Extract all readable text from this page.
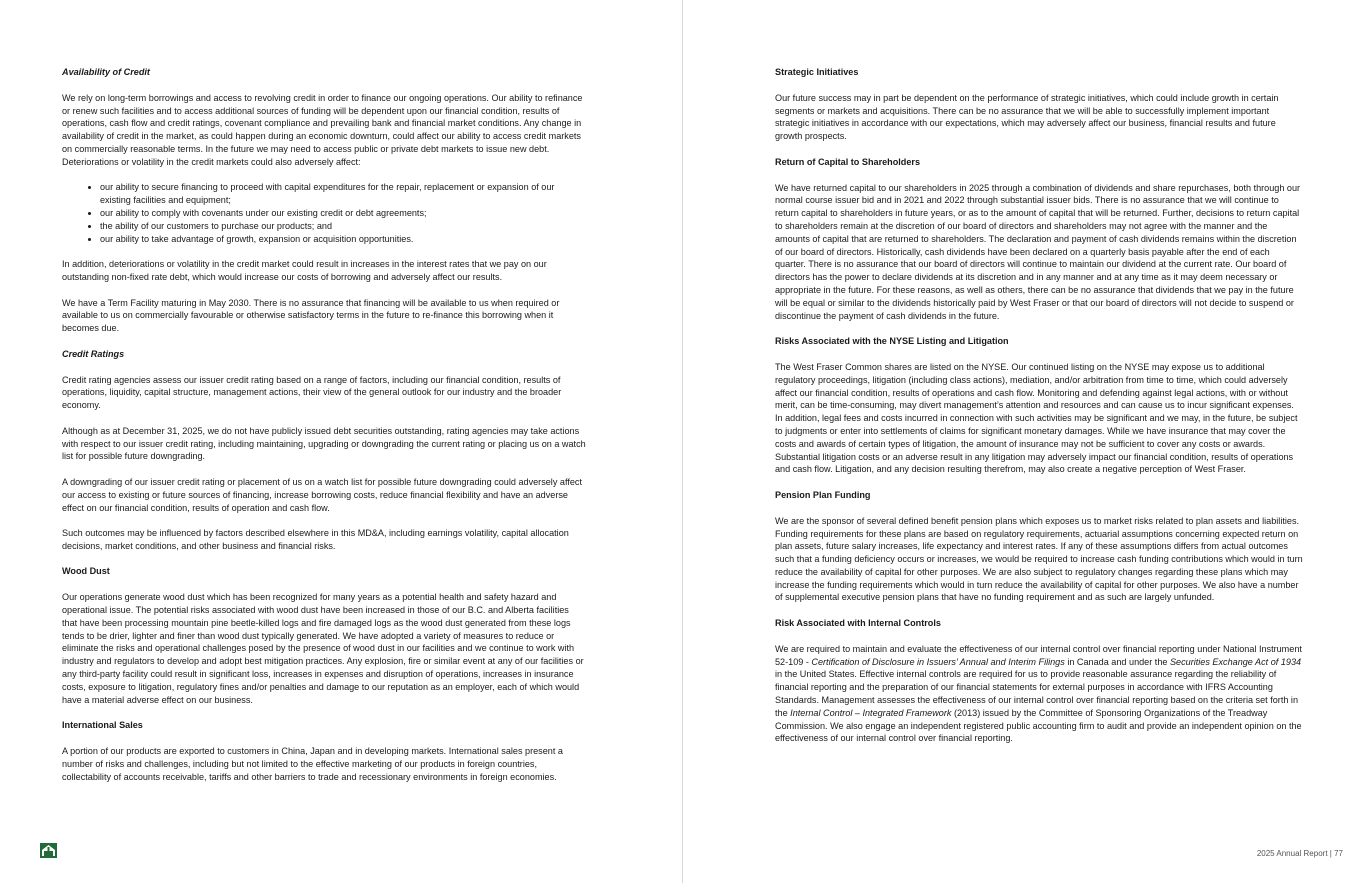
Availability of Credit

We rely on long-term borrowings and access to revolving credit in order to finance our ongoing operations. Our ability to refinance or renew such facilities and to access additional sources of funding will be dependent upon our financial condition, results of operations, cash flow and credit ratings, covenant compliance and prevailing bank and financial market conditions. Any change in availability of credit in the market, as could happen during an economic downturn, could affect our ability to access credit markets on commercially reasonable terms. In the future we may need to access public or private debt markets to issue new debt. Deteriorations or volatility in the credit markets could also adversely affect:

• our ability to secure financing to proceed with capital expenditures for the repair, replacement or expansion of our existing facilities and equipment;
• our ability to comply with covenants under our existing credit or debt agreements;
• the ability of our customers to purchase our products; and
• our ability to take advantage of growth, expansion or acquisition opportunities.

In addition, deteriorations or volatility in the credit market could result in increases in the interest rates that we pay on our outstanding non-fixed rate debt, which would increase our costs of borrowing and adversely affect our results.

We have a Term Facility maturing in May 2030. There is no assurance that financing will be available to us when required or available to us on commercially favourable or otherwise satisfactory terms in the future to re-finance this borrowing when it becomes due.

Credit Ratings

Credit rating agencies assess our issuer credit rating based on a range of factors, including our financial condition, results of operations, liquidity, capital structure, management actions, their view of the general outlook for our industry and the broader economy.

Although as at December 31, 2025, we do not have publicly issued debt securities outstanding, rating agencies may take actions with respect to our issuer credit rating, including maintaining, upgrading or downgrading the current rating or placing us on a watch list for possible future downgrading.

A downgrading of our issuer credit rating or placement of us on a watch list for possible future downgrading could adversely affect our access to existing or future sources of financing, increase borrowing costs, reduce financial flexibility and have an adverse effect on our financial condition, results of operation and cash flow.

Such outcomes may be influenced by factors described elsewhere in this MD&A, including earnings volatility, capital allocation decisions, market conditions, and other business and financial risks.

Wood Dust

Our operations generate wood dust which has been recognized for many years as a potential health and safety hazard and operational issue. The potential risks associated with wood dust have been increased in those of our B.C. and Alberta facilities that have been processing mountain pine beetle-killed logs and fire damaged logs as the wood dust generated from these logs tends to be drier, lighter and finer than wood dust typically generated. We have adopted a variety of measures to reduce or eliminate the risks and operational challenges posed by the presence of wood dust in our facilities and we continue to work with industry and regulators to develop and adopt best mitigation practices. Any explosion, fire or similar event at any of our facilities or any third-party facility could result in significant loss, increases in expenses and disruption of operations, increases in insurance costs, exposure to litigation, regulatory fines and/or penalties and damage to our reputation as an employer, each of which would have a material adverse effect on our business.

International Sales

A portion of our products are exported to customers in China, Japan and in developing markets. International sales present a number of risks and challenges, including but not limited to the effective marketing of our products in foreign countries, collectability of accounts receivable, tariffs and other barriers to trade and recessionary environments in foreign economies.

Strategic Initiatives

Our future success may in part be dependent on the performance of strategic initiatives, which could include growth in certain segments or markets and acquisitions. There can be no assurance that we will be able to successfully implement important strategic initiatives in accordance with our expectations, which may adversely affect our business, financial results and future growth prospects.

Return of Capital to Shareholders

We have returned capital to our shareholders in 2025 through a combination of dividends and share repurchases, both through our normal course issuer bid and in 2021 and 2022 through substantial issuer bids. There is no assurance that we will continue to return capital to shareholders in future years, or as to the amount of capital that will be returned. Further, decisions to return capital to shareholders remain at the discretion of our board of directors and shareholders may not agree with the manner and the amounts of capital that are returned to shareholders. The declaration and payment of cash dividends remains within the discretion of our board of directors. Historically, cash dividends have been declared on a quarterly basis payable after the end of each quarter. There is no assurance that our board of directors will continue to maintain our dividend at the current rate. Our board of directors has the power to declare dividends at its discretion and in any manner and at any time as it may deem necessary or appropriate in the future. For these reasons, as well as others, there can be no assurance that dividends that we pay in the future will be equal or similar to the dividends historically paid by West Fraser or that our board of directors will not decide to suspend or discontinue the payment of cash dividends in the future.

Risks Associated with the NYSE Listing and Litigation

The West Fraser Common shares are listed on the NYSE. Our continued listing on the NYSE may expose us to additional regulatory proceedings, litigation (including class actions), mediation, and/or arbitration from time to time, which could adversely affect our financial condition, results of operations and cash flow. Monitoring and defending against legal actions, with or without merit, can be time-consuming, may divert management’s attention and resources and can cause us to incur significant expenses. In addition, legal fees and costs incurred in connection with such activities may be significant and we may, in the future, be subject to judgments or enter into settlements of claims for significant monetary damages. While we have insurance that may cover the costs and awards of certain types of litigation, the amount of insurance may not be sufficient to cover any costs or awards. Substantial litigation costs or an adverse result in any litigation may adversely impact our financial condition, results of operations and cash flow. Litigation, and any decision resulting therefrom, may also create a negative perception of West Fraser.

Pension Plan Funding

We are the sponsor of several defined benefit pension plans which exposes us to market risks related to plan assets and liabilities. Funding requirements for these plans are based on regulatory requirements, actuarial assumptions concerning expected return on plan assets, future salary increases, life expectancy and interest rates. If any of these assumptions differs from actual outcomes such that a funding deficiency occurs or increases, we would be required to increase cash funding contributions which would in turn reduce the availability of capital for other purposes. We are also subject to regulatory changes regarding these plans which may increase the funding requirements which would in turn reduce the availability of capital for other purposes. We also have a number of supplemental executive pension plans that have no funding requirement and as such are largely unfunded.

Risk Associated with Internal Controls

We are required to maintain and evaluate the effectiveness of our internal control over financial reporting under National Instrument 52-109 - Certification of Disclosure in Issuers’ Annual and Interim Filings in Canada and under the Securities Exchange Act of 1934 in the United States. Effective internal controls are required for us to provide reasonable assurance regarding the reliability of financial reporting and the preparation of our financial statements for external purposes in accordance with IFRS Accounting Standards. Management assesses the effectiveness of our internal control over financial reporting based on the criteria set forth in the Internal Control – Integrated Framework (2013) issued by the Committee of Sponsoring Organizations of the Treadway Commission. We also engage an independent registered public accounting firm to audit and provide an independent opinion on the effectiveness of our internal control over financial reporting.

2025 Annual Report | 77
